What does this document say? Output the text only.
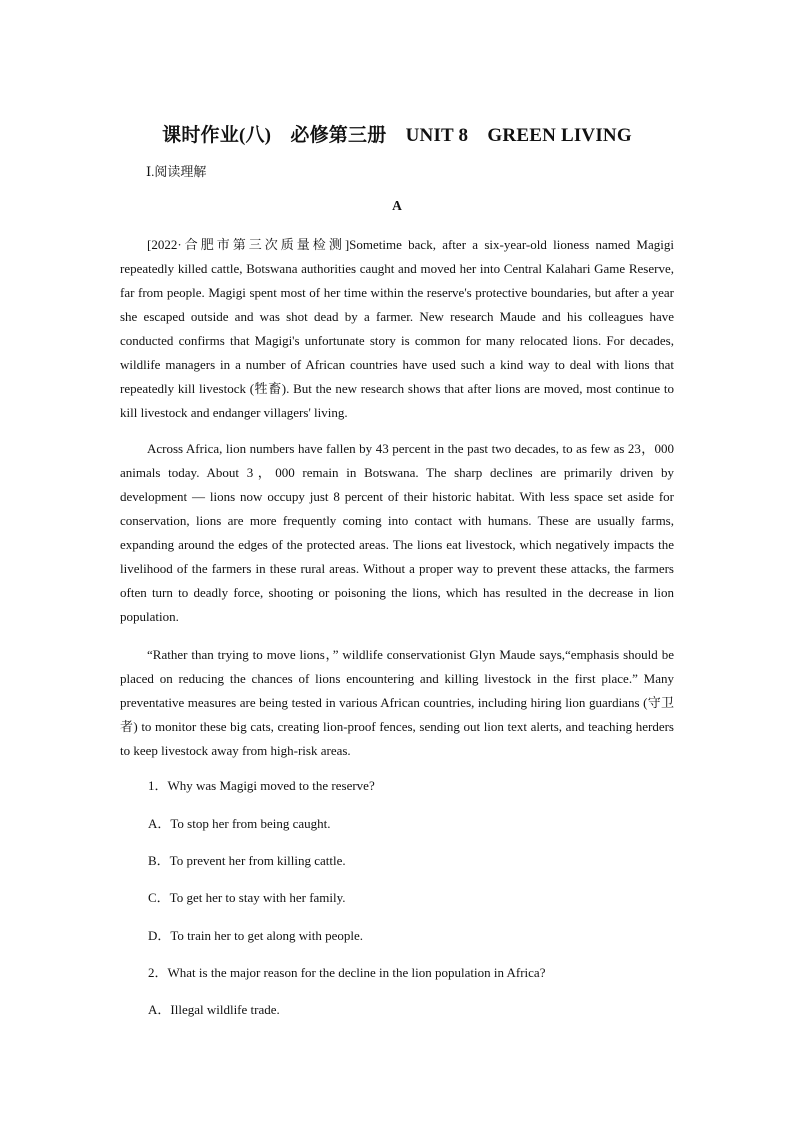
课时作业(八)　必修第三册　UNIT 8　GREEN LIVING
Ⅰ.阅读理解
A

[2022·合肥市第三次质量检测]Sometime back, after a six-year-old lioness named Magigi repeatedly killed cattle, Botswana authorities caught and moved her into Central Kalahari Game Reserve, far from people. Magigi spent most of her time within the reserve's protective boundaries, but after a year she escaped outside and was shot dead by a farmer. New research Maude and his colleagues have conducted confirms that Magigi's unfortunate story is common for many relocated lions. For decades, wildlife managers in a number of African countries have used such a kind way to deal with lions that repeatedly kill livestock (牲畜). But the new research shows that after lions are moved, most continue to kill livestock and endanger villagers' living.

Across Africa, lion numbers have fallen by 43 percent in the past two decades, to as few as 23，000 animals today. About 3，000 remain in Botswana. The sharp declines are primarily driven by development — lions now occupy just 8 percent of their historic habitat. With less space set aside for conservation, lions are more frequently coming into contact with humans. These are usually farms, expanding around the edges of the protected areas. The lions eat livestock, which negatively impacts the livelihood of the farmers in these rural areas. Without a proper way to prevent these attacks, the farmers often turn to deadly force, shooting or poisoning the lions, which has resulted in the decrease in lion population.

“Rather than trying to move lions，” wildlife conservationist Glyn Maude says,“emphasis should be placed on reducing the chances of lions encountering and killing livestock in the first place.” Many preventative measures are being tested in various African countries, including hiring lion guardians (守卫者) to monitor these big cats, creating lion-proof fences, sending out lion text alerts, and teaching herders to keep livestock away from high-risk areas.

1．Why was Magigi moved to the reserve?
A．To stop her from being caught.
B．To prevent her from killing cattle.
C．To get her to stay with her family.
D．To train her to get along with people.
2．What is the major reason for the decline in the lion population in Africa?
A．Illegal wildlife trade.
